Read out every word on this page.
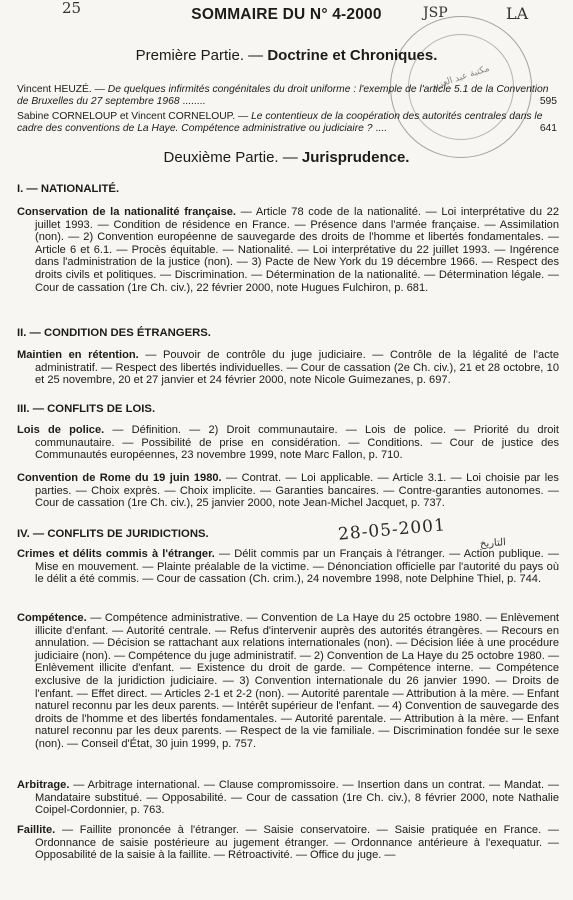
25	LA
JSP
مكتبة عبد العزيز
SOMMAIRE DU N° 4-2000
Première Partie. — Doctrine et Chroniques.
Vincent HEUZÉ. — De quelques infirmités congénitales du droit uniforme : l'exemple de l'article 5.1 de la Convention de Bruxelles du 27 septembre 1968 ........	595
Sabine CORNELOUP et Vincent CORNELOUP. — Le contentieux de la coopération des autorités centrales dans le cadre des conventions de La Haye. Compétence administrative ou judiciaire ? ....	641
Deuxième Partie. — Jurisprudence.
I. — NATIONALITÉ.
Conservation de la nationalité française. — Article 78 code de la nationalité. — Loi interprétative du 22 juillet 1993. — Condition de résidence en France. — Présence dans l'armée française. — Assimilation (non). — 2) Convention européenne de sauvegarde des droits de l'homme et libertés fondamentales. — Article 6 et 6.1. — Procès équitable. — Nationalité. — Loi interprétative du 22 juillet 1993. — Ingérence dans l'administration de la justice (non). — 3) Pacte de New York du 19 décembre 1966. — Respect des droits civils et politiques. — Discrimination. — Détermination de la nationalité. — Détermination légale. — Cour de cassation (1re Ch. civ.), 22 février 2000, note Hugues Fulchiron, p. 681.
II. — CONDITION DES ÉTRANGERS.
Maintien en rétention. — Pouvoir de contrôle du juge judiciaire. — Contrôle de la légalité de l'acte administratif. — Respect des libertés individuelles. — Cour de cassation (2e Ch. civ.), 21 et 28 octobre, 10 et 25 novembre, 20 et 27 janvier et 24 février 2000, note Nicole Guimezanes, p. 697.
III. — CONFLITS DE LOIS.
Lois de police. — Définition. — 2) Droit communautaire. — Lois de police. — Priorité du droit communautaire. — Possibilité de prise en considération. — Conditions. — Cour de justice des Communautés européennes, 23 novembre 1999, note Marc Fallon, p. 710.
Convention de Rome du 19 juin 1980. — Contrat. — Loi applicable. — Article 3.1. — Loi choisie par les parties. — Choix exprès. — Choix implicite. — Garanties bancaires. — Contre-garanties autonomes. — Cour de cassation (1re Ch. civ.), 25 janvier 2000, note Jean-Michel Jacquet, p. 737.
IV. — CONFLITS DE JURIDICTIONS.
Crimes et délits commis à l'étranger. — Délit commis par un Français à l'étranger. — Action publique. — Mise en mouvement. — Plainte préalable de la victime. — Dénonciation officielle par l'autorité du pays où le délit a été commis. — Cour de cassation (Ch. crim.), 24 novembre 1998, note Delphine Thiel, p. 744.
Compétence. — Compétence administrative. — Convention de La Haye du 25 octobre 1980. — Enlèvement illicite d'enfant. — Autorité centrale. — Refus d'intervenir auprès des autorités étrangères. — Recours en annulation. — Décision se rattachant aux relations internationales (non). — Décision liée à une procédure judiciaire (non). — Compétence du juge administratif. — 2) Convention de La Haye du 25 octobre 1980. — Enlèvement illicite d'enfant. — Existence du droit de garde. — Compétence interne. — Compétence exclusive de la juridiction judiciaire. — 3) Convention internationale du 26 janvier 1990. — Droits de l'enfant. — Effet direct. — Articles 2-1 et 2-2 (non). — Autorité parentale — Attribution à la mère. — Enfant naturel reconnu par les deux parents. — Intérêt supérieur de l'enfant. — 4) Convention de sauvegarde des droits de l'homme et des libertés fondamentales. — Autorité parentale. — Attribution à la mère. — Enfant naturel reconnu par les deux parents. — Respect de la vie familiale. — Discrimination fondée sur le sexe (non). — Conseil d'État, 30 juin 1999, p. 757.
Arbitrage. — Arbitrage international. — Clause compromissoire. — Insertion dans un contrat. — Mandat. — Mandataire substitué. — Opposabilité. — Cour de cassation (1re Ch. civ.), 8 février 2000, note Nathalie Coipel-Cordonnier, p. 763.
Faillite. — Faillite prononcée à l'étranger. — Saisie conservatoire. — Saisie pratiquée en France. — Ordonnance de saisie postérieure au jugement étranger. — Ordonnance antérieure à l'exequatur. — Opposabilité de la saisie à la faillite. — Rétroactivité. — Office du juge. —
28-05-2001	التاريخ
